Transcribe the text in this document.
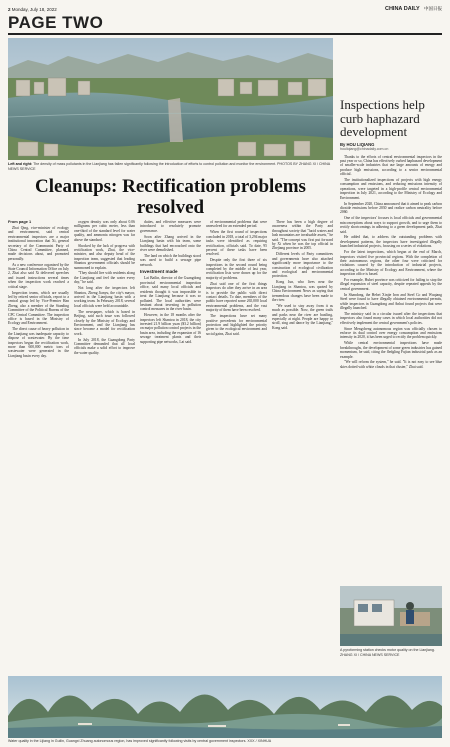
2 Monday, July 18, 2022	CHINA DAILY 中国日报
PAGE TWO
Left and right: The density of mass pollutants in the Lianjiang has fallen significantly following the introduction of efforts to control pollution and monitor the environment. PHOTOS BY ZHANG XI / CHINA NEWS SERVICE
Cleanups: Rectification problems resolved

From page 1

Zhai Qing, vice-minister of ecology and environment, said central environmental inspectors are a major institutional innovation that Xi, general secretary of the Communist Party of China Central Committee, planned, made decisions about, and promoted personally.

As a new conference organized by the State Council Information Office on July 2, Zhai also said Xi delivered speeches and issued instructions several times when the inspection work reached a critical stage.

Inspection teams, which are usually led by retired senior officials, report to a central group led by Vice-Premier Han Zheng, also a member of the Standing Committee of the Political Bureau of the CPC Central Committee. The inspection office is based in the Ministry of Ecology and Environment.

The direct cause of heavy pollution in the Lianjiang was inadequate capacity to dispose of wastewater. By the time inspectors began the rectification work, more than 600,000 metric tons of wastewater were generated in the Lianjiang basin every day.

oxygen density was only about 0.06 milligrams per cubic meter, less than one-third of the standard level for water quality, and ammonia nitrogen was far above the standard.

Shocked by the lack of progress with rectification work, Zhai, the vice-minister, and also deputy head of the inspection team, suggested that leading Shantou government officials should be summoned to explain.

"They should live with residents along the Lianjiang and feel the water every day," he said.

Not long after the inspectors left Shantou, Zheng Jianyu, the city's mayor, arrived in the Lianjiang basin with a working team. In February 2018, several local officials were held accountable.

The newspaper, which is based in Beijing, said such issue was followed closely by the Ministry of Ecology and Environment, and the Lianjiang has since become a model for rectification work.

In July 2018, the Guangdong Party Committee demanded that all local officials make a solid effort to improve the water quality.

duties, and effective measures were introduced to resolutely promote governance.

Soon after Zhang arrived in the Lianjiang basin with his team, some buildings that had encroached onto the river were demolished.

The land on which the buildings stood was used to build a sewage pipe network.

Investment made

Lai Bailin, director of the Guangdong provincial environmental inspection office, said many local officials and residents thought it was impossible to treat the Lianjiang because it was so polluted. The local authorities were hesitant about investing in pollution control measures in the river basin.

However, in the 18 months after the inspectors left Shantou in 2018, the city invested 21.9 billion yuan ($3.2 billion) on major pollution control projects in the basin area, including the expansion of 16 sewage treatment plants and their supporting pipe networks, Lai said.

of environmental problems that were unresolved for an extended period.

When the first round of inspections concluded in 2018, a total of 3,294 major tasks were identified as requiring rectification, officials said. To date, 95 percent of these tasks have been resolved.

Despite only the first three of six inspections in the second round being completed by the middle of last year, rectification lists were drawn up for the majority of problems.

Zhai said one of the first things inspectors do after they arrive in an area is to provide the public with direct contact details. To date, members of the public have reported some 265,000 local environmental problems, and the vast majority of them have been resolved.

The inspections have set many positive precedents for environmental protection and highlighted the priority given to the ecological environment and social gains, Zhai said.

There has been a high degree of awareness within the Party and throughout society that "lucid waters and lush mountains are invaluable assets," he said. "The concept was first put forward by Xi when he was the top official in Zhejiang province in 2005.

Different levels of Party committees and governments have also attached significantly more importance to the construction of ecological civilization and ecological and environmental protection.

Kong Jun, who lives near the Lianjiang in Shantou, was quoted by China Environment News as saying that tremendous changes have been made to the river.

"We used to stay away from it as much as possible. Now, the green trails and parks near the river are bustling, especially at night. People are happy to stroll, sing and dance by the Lianjiang," Kong said.

Inspections help curb haphazard development
By HOU LIQIANG
houliqiang@chinadaily.com.cn

Thanks to the efforts of central environmental inspectors in the past year or so, China has effectively curbed haphazard development of smaller-scale industries that use large amounts of energy and produce high emissions, according to a senior environmental official.

The institutionalized inspections of projects with high energy consumption and emissions, and reducing emissions intensity of operations, were targeted in a high-profile central environmental inspection in July 2021, according to the Ministry of Ecology and Environment.

In September 2020, China announced that it aimed to peak carbon dioxide emissions before 2030 and realize carbon neutrality before 2060.

One of the inspectors' focuses is local officials and governmental misconceptions about ways to support growth, and to urge them to rectify shortcomings in adhering to a green development path, Zhai said.

He added that, to address the outstanding problems with development patterns, the inspectors have investigated illegally launched industrial projects, focusing on a series of violations.

For the latest inspections, which began at the end of March, inspectors visited five provincial regions. With the completion of their autonomous regions, the other four were criticized for violations caused by the introduction of industrial projects, according to the Ministry of Ecology and Environment, where the inspection office is based.

For example, Hubei province was criticized for failing to stop the illegal expansion of steel capacity, despite repeated appeals by the central government.

In Shandong, the Hebei Xinjie Iron and Steel Co and Wuqiang Steel were found to have illegally obtained environmental permits, while inspectors in Guangdong and Anhui found projects that were illegally launched.

The ministry said in a circular issued after the inspections that inspectors also found many cases in which local authorities did not effectively implement the central government's policies.

Since Mengcheng autonomous region was officially chosen to enforce its dual control over energy consumption and emissions intensity in 2020, it has been urged to rectify the problem quickly.

While central environmental inspections have made breakthroughs, the development of some green industries has gained momentum, he said, citing the fledgling Fujian industrial park as an example.

"We will reform the system," he said. "It is not easy to see blue skies dotted with white clouds in that cluster," Zhai said.

A pyroforming station checks motor quality on the Lianjiang. ZHANG XI / CHINA NEWS SERVICE
Water quality in the Lijiang in Guilin, Guangxi Zhuang autonomous region, has improved significantly following visits by central government inspectors. XXX / XINHUA
